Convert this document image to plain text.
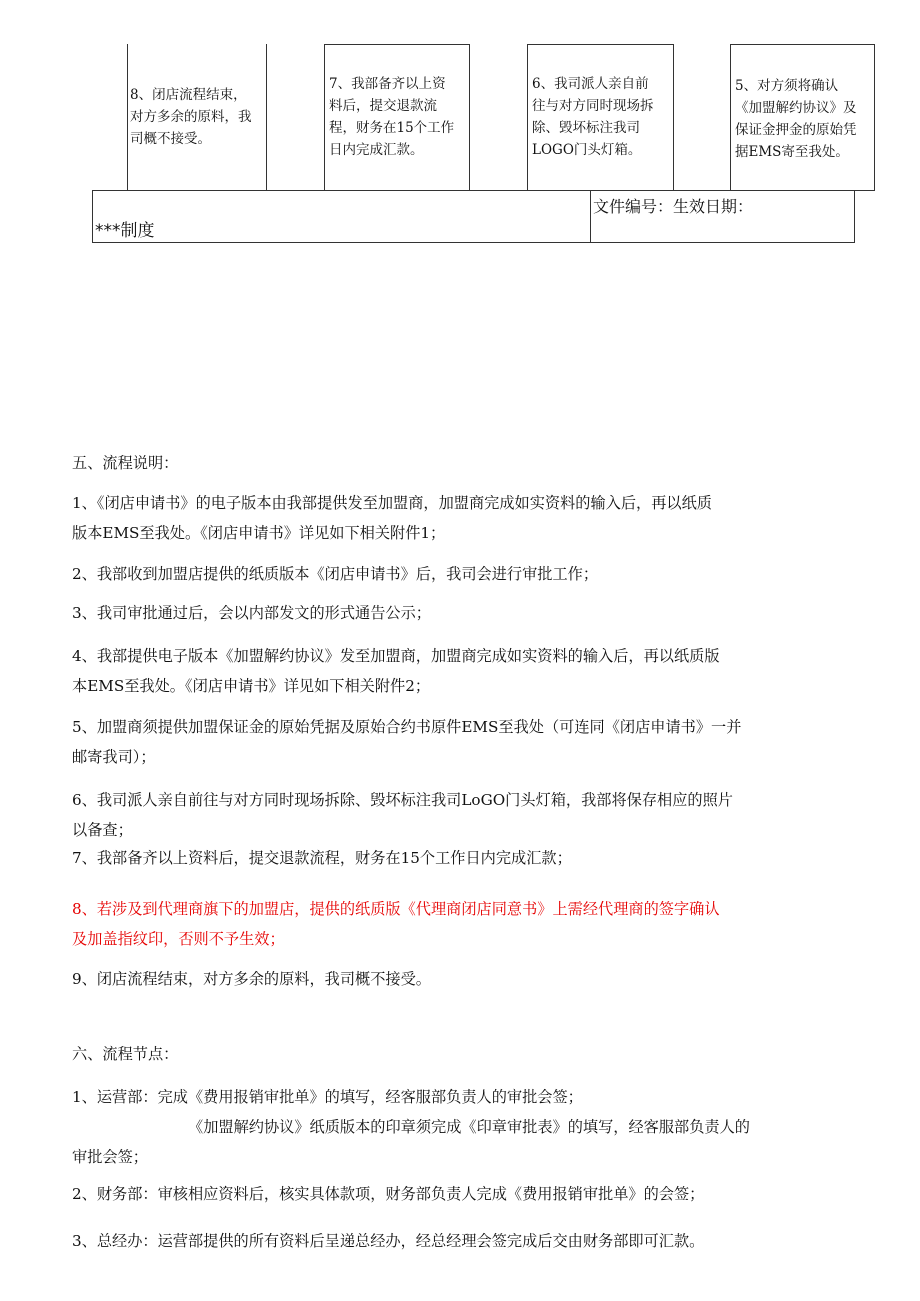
8、闭店流程结束，
对方多余的原料，我
司概不接受。
7、我部备齐以上资
料后，提交退款流
程，财务在15个工作
日内完成汇款。
6、我司派人亲自前
往与对方同时现场拆
除、毁坏标注我司
LOGO门头灯箱。
5、对方须将确认
《加盟解约协议》及
保证金押金的原始凭
据EMS寄至我处。
***制度
文件编号：生效日期：
五、流程说明：
1、《闭店申请书》的电子版本由我部提供发至加盟商，加盟商完成如实资料的输入后，再以纸质
版本EMS至我处。《闭店申请书》详见如下相关附件1；
2、我部收到加盟店提供的纸质版本《闭店申请书》后，我司会进行审批工作；
3、我司审批通过后，会以内部发文的形式通告公示；
4、我部提供电子版本《加盟解约协议》发至加盟商，加盟商完成如实资料的输入后，再以纸质版
本EMS至我处。《闭店申请书》详见如下相关附件2；
5、加盟商须提供加盟保证金的原始凭据及原始合约书原件EMS至我处（可连同《闭店申请书》一并
邮寄我司）；
6、我司派人亲自前往与对方同时现场拆除、毁坏标注我司LoGO门头灯箱，我部将保存相应的照片
以备查；
7、我部备齐以上资料后，提交退款流程，财务在15个工作日内完成汇款；
8、若涉及到代理商旗下的加盟店，提供的纸质版《代理商闭店同意书》上需经代理商的签字确认
及加盖指纹印，否则不予生效；
9、闭店流程结束，对方多余的原料，我司概不接受。
六、流程节点：
1、运营部：完成《费用报销审批单》的填写，经客服部负责人的审批会签；
《加盟解约协议》纸质版本的印章须完成《印章审批表》的填写，经客服部负责人的
审批会签；
2、财务部：审核相应资料后，核实具体款项，财务部负责人完成《费用报销审批单》的会签；
3、总经办：运营部提供的所有资料后呈递总经办，经总经理会签完成后交由财务部即可汇款。
